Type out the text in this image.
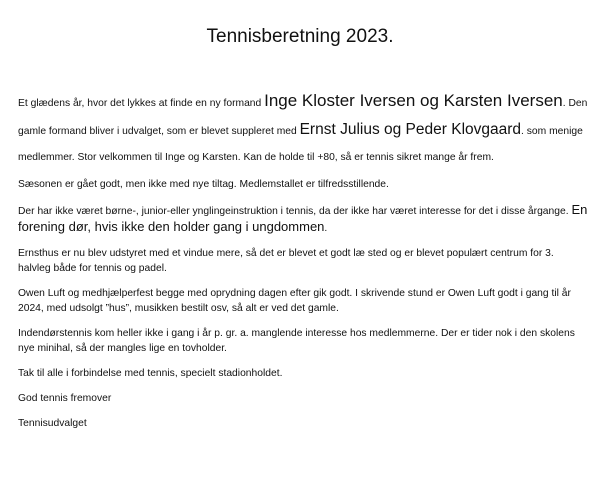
Tennisberetning 2023.

Et glædens år, hvor det lykkes at finde en ny formand Inge Kloster Iversen og Karsten Iversen. Den gamle formand bliver i udvalget, som er blevet suppleret med Ernst Julius og Peder Klovgaard. som menige medlemmer. Stor velkommen til Inge og Karsten. Kan de holde til +80, så er tennis sikret mange år frem.

Sæsonen er gået godt, men ikke med nye tiltag. Medlemstallet er tilfredsstillende.

Der har ikke været børne-, junior-eller ynglingeinstruktion i tennis, da der ikke har været interesse for det i disse årgange. En forening dør, hvis ikke den holder gang i ungdommen.

Ernsthus er nu blev udstyret med et vindue mere, så det er blevet et godt læ sted og er blevet populært centrum for 3. halvleg både for tennis og padel.

Owen Luft og medhjælperfest begge med oprydning dagen efter gik godt. I skrivende stund er Owen Luft godt i gang til år 2024, med udsolgt ”hus”, musikken bestilt osv, så alt er ved det gamle.

Indendørstennis kom heller ikke i gang i år p. gr. a. manglende interesse hos medlemmerne. Der er tider nok i den skolens nye minihal, så der mangles lige en tovholder.

Tak til alle i forbindelse med tennis, specielt stadionholdet.

God tennis fremover

Tennisudvalget
